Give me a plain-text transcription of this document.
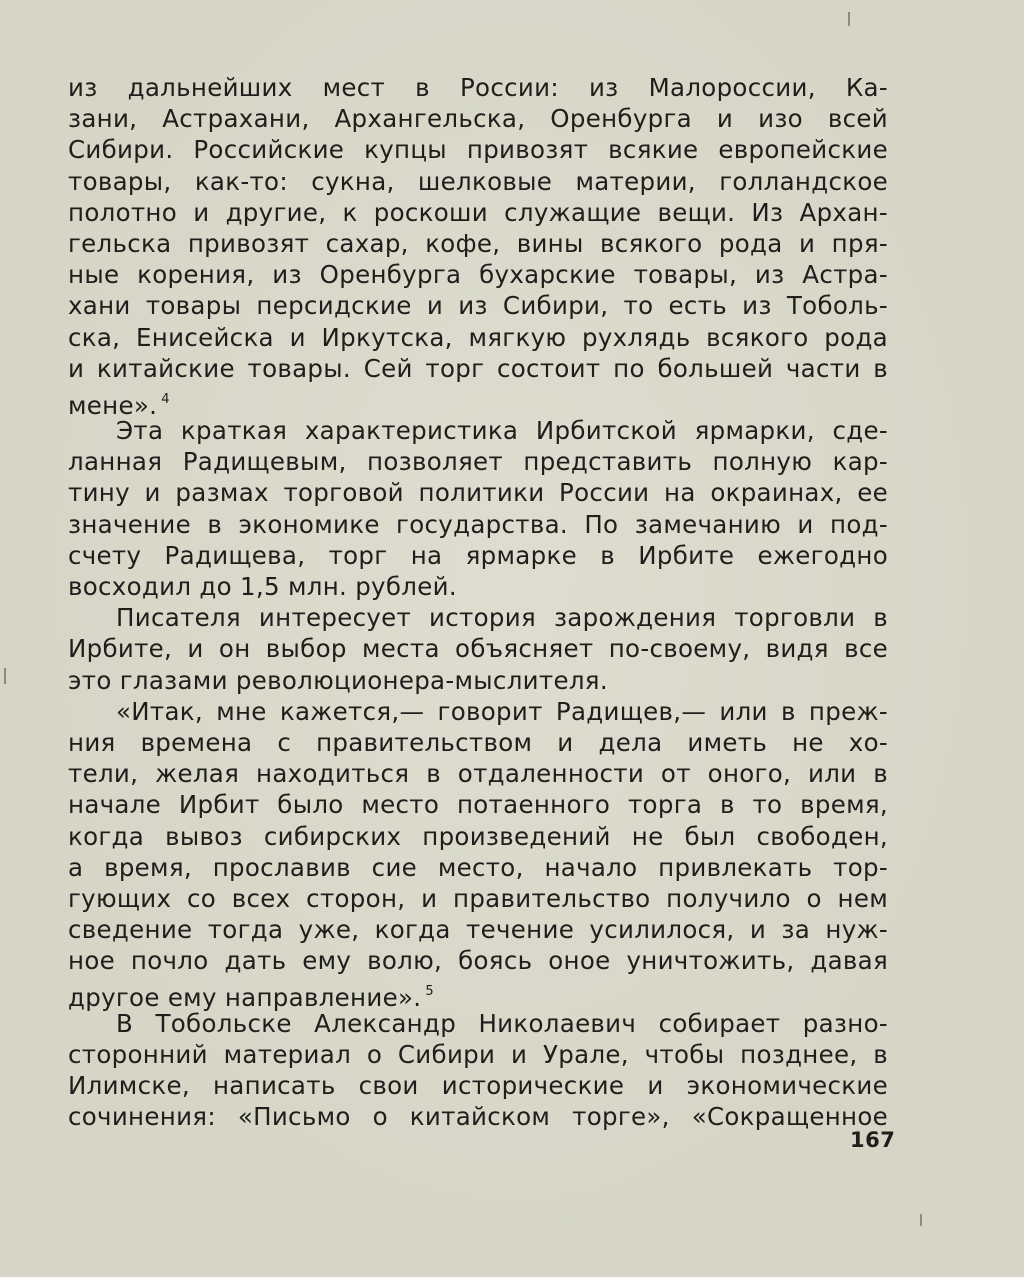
из дальнейших мест в России: из Малороссии, Ка-
зани, Астрахани, Архангельска, Оренбурга и изо всей
Сибири. Российские купцы привозят всякие европейские
товары, как-то: сукна, шелковые материи, голландское
полотно и другие, к роскоши служащие вещи. Из Архан-
гельска привозят сахар, кофе, вины всякого рода и пря-
ные корения, из Оренбурга бухарские товары, из Астра-
хани товары персидские и из Сибири, то есть из Тоболь-
ска, Енисейска и Иркутска, мягкую рухлядь всякого рода
и китайские товары. Сей торг состоит по большей части в
мене». $^4$
Эта краткая характеристика Ирбитской ярмарки, сде-
ланная Радищевым, позволяет представить полную кар-
тину и размах торговой политики России на окраинах, ее
значение в экономике государства. По замечанию и под-
счету Радищева, торг на ярмарке в Ирбите ежегодно
восходил до 1,5 млн. рублей.
Писателя интересует история зарождения торговли в
Ирбите, и он выбор места объясняет по-своему, видя все
это глазами революционера-мыслителя.
«Итак, мне кажется,— говорит Радищев,— или в преж-
ния времена с правительством и дела иметь не хо-
тели, желая находиться в отдаленности от оного, или в
начале Ирбит было место потаенного торга в то время,
когда вывоз сибирских произведений не был свободен,
а время, прославив сие место, начало привлекать тор-
гующих со всех сторон, и правительство получило о нем
сведение тогда уже, когда течение усилилося, и за нуж-
ное почло дать ему волю, боясь оное уничтожить, давая
другое ему направление». $^5$
В Тобольске Александр Николаевич собирает разно-
сторонний материал о Сибири и Урале, чтобы позднее, в
Илимске, написать свои исторические и экономические
сочинения: «Письмо о китайском торге», «Сокращенное
167
